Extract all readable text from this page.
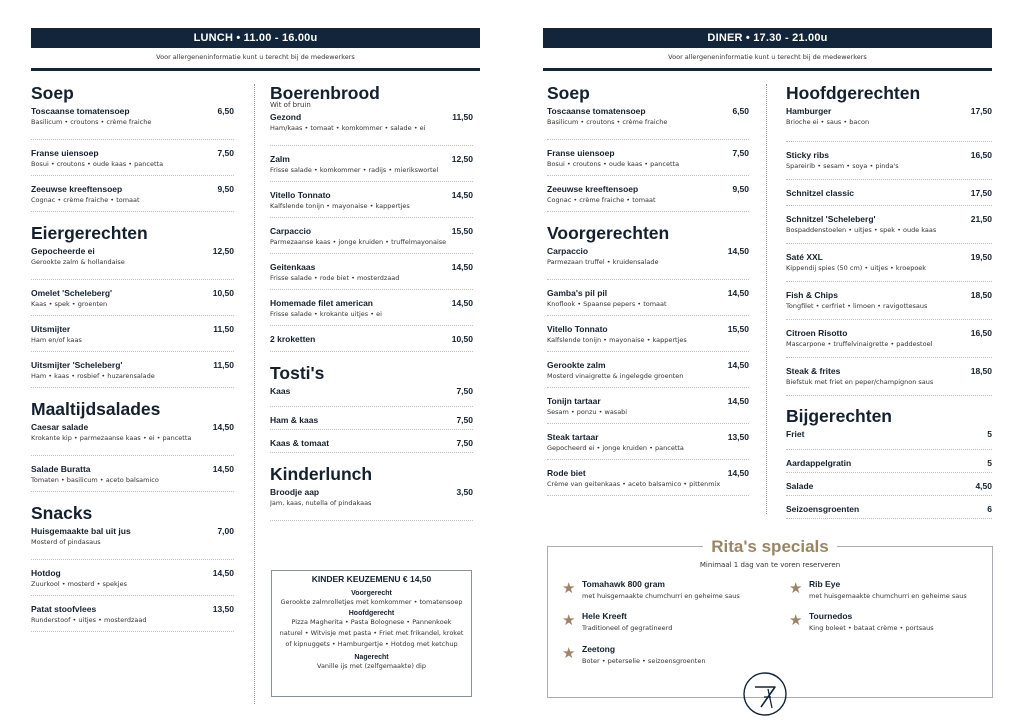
LUNCH • 11.00 - 16.00u
Voor allergeneninformatie kunt u terecht bij de medewerkers
Soep
Toscaanse tomatensoep	6,50
Basilicum • croutons • crème fraiche
Franse uiensoep	7,50
Bosui • croutons • oude kaas • pancetta
Zeeuwse kreeftensoep	9,50
Cognac • crème fraiche • tomaat
Eiergerechten
Gepocheerde ei	12,50
Gerookte zalm & hollandaise
Omelet 'Scheleberg'	10,50
Kaas • spek • groenten
Uitsmijter	11,50
Ham en/of kaas
Uitsmijter 'Scheleberg'	11,50
Ham • kaas • rosbief • huzarensalade
Maaltijdsalades
Caesar salade	14,50
Krokante kip • parmezaanse kaas • ei • pancetta
Salade Buratta	14,50
Tomaten • basilicum • aceto balsamico
Snacks
Huisgemaakte bal uit jus	7,00
Mosterd of pindasaus
Hotdog	14,50
Zuurkool • mosterd • spekjes
Patat stoofvlees	13,50
Runderstoof • uitjes • mosterdzaad
Boerenbrood
Wit of bruin
Gezond	11,50
Ham/kaas • tomaat • komkommer • salade • ei
Zalm	12,50
Frisse salade • komkommer • radijs • mierikswortel
Vitello Tonnato	14,50
Kalfslende tonijn • mayonaise • kappertjes
Carpaccio	15,50
Parmezaanse kaas • jonge kruiden • truffelmayonaise
Geitenkaas	14,50
Frisse salade • rode biet • mosterdzaad
Homemade filet american	14,50
Frisse salade • krokante uitjes • ei
2 kroketten	10,50
Tosti's
Kaas	7,50
Ham & kaas	7,50
Kaas & tomaat	7,50
Kinderlunch
Broodje aap	3,50
Jam, kaas, nutella of pindakaas
KINDER KEUZEMENU € 14,50
Voorgerecht
Gerookte zalmrolletjes met komkommer • tomatensoep
Hoofdgerecht
Pizza Magherita • Pasta Bolognese • Pannenkoek
naturel • Witvisje met pasta • Friet met frikandel, kroket
of kipnuggets • Hamburgertje • Hotdog met ketchup
Nagerecht
Vanille ijs met (zelfgemaakte) dip
DINER • 17.30 - 21.00u
Voor allergeneninformatie kunt u terecht bij de medewerkers
Soep
Toscaanse tomatensoep	6,50
Basilicum • croutons • crème fraiche
Franse uiensoep	7,50
Bosui • croutons • oude kaas • pancetta
Zeeuwse kreeftensoep	9,50
Cognac • crème fraiche • tomaat
Voorgerechten
Carpaccio	14,50
Parmezaan truffel • kruidensalade
Gamba's pil pil	14,50
Knoflook • Spaanse pepers • tomaat
Vitello Tonnato	15,50
Kalfslende tonijn • mayonaise • kappertjes
Gerookte zalm	14,50
Mosterd vinaigrette & ingelegde groenten
Tonijn tartaar	14,50
Sesam • ponzu • wasabi
Steak tartaar	13,50
Gepocheerd ei • jonge kruiden • pancetta
Rode biet	14,50
Crème van geitenkaas • aceto balsamico • pittenmix
Hoofdgerechten
Hamburger	17,50
Brioche ei • saus • bacon
Sticky ribs	16,50
Spareirib • sesam • soya • pinda's
Schnitzel classic	17,50
Schnitzel 'Scheleberg'	21,50
Bospaddenstoelen • uitjes • spek • oude kaas
Saté XXL	19,50
Kippendij spies (50 cm) • uitjes • kroepoek
Fish & Chips	18,50
Tongfilet • cerfriet • limoen • ravigottesaus
Citroen Risotto	16,50
Mascarpone • truffelvinaigrette • paddestoel
Steak & frites	18,50
Biefstuk met friet en peper/champignon saus
Bijgerechten
Friet	5
Aardappelgratin	5
Salade	4,50
Seizoensgroenten	6
Rita's specials
Minimaal 1 dag van te voren reserveren
★ Tomahawk 800 gram
met huisgemaakte chumchurri en geheime saus
★ Hele Kreeft
Traditioneel of gegratineerd
★ Zeetong
Boter • peterselie • seizoensgroenten
★ Rib Eye
met huisgemaakte chumchurri en geheime saus
★ Tournedos
King boleet • bataat crème • portsaus
